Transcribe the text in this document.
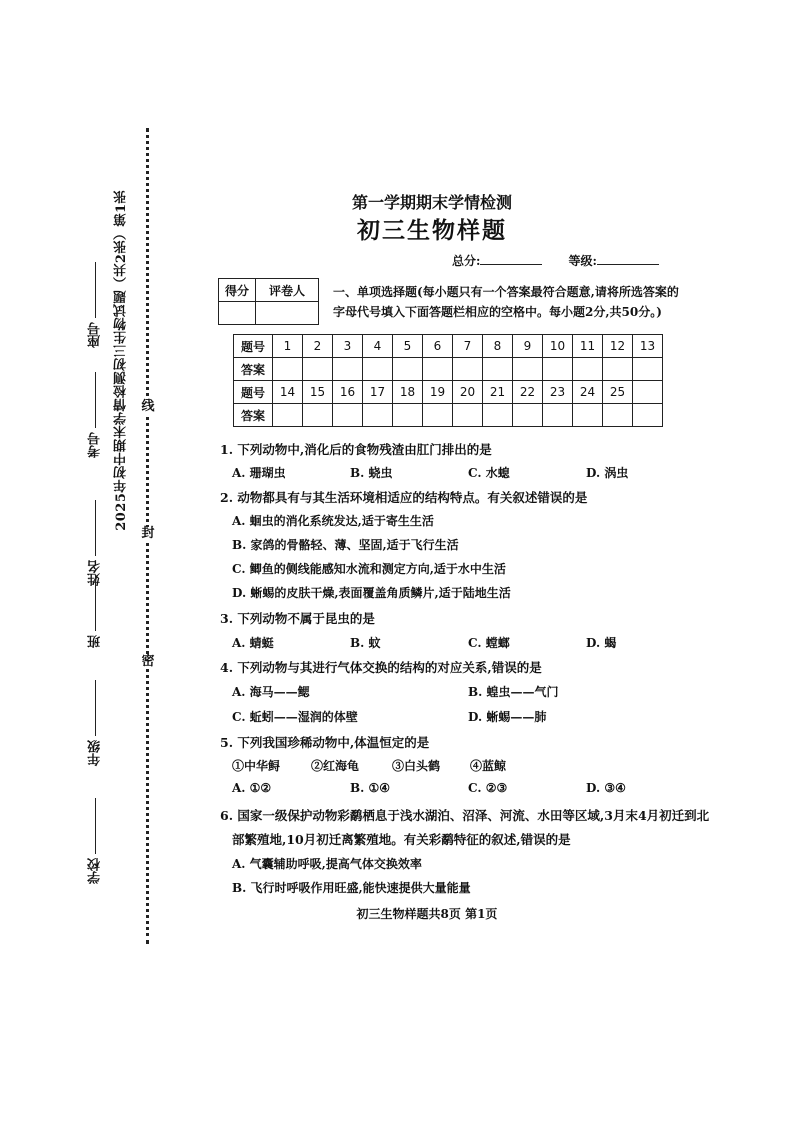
线
封
密
2025年初中期末学情检测初三生物试题（共2张）第1张
座号
考号
姓名
班
年级
学校
第一学期期末学情检测
初三生物样题
总分:	等级:
得分	评卷人
	一、单项选择题(每小题只有一个答案最符合题意,请将所选答案的
字母代号填入下面答题栏相应的空格中。每小题2分,共50分。)
题号	1	2	3	4	5	6	7	8	9	10	11	12	13
答案													
题号	14	15	16	17	18	19	20	21	22	23	24	25	
答案													
1. 下列动物中,消化后的食物残渣由肛门排出的是
A. 珊瑚虫	B. 蛲虫	C. 水螅	D. 涡虫
2. 动物都具有与其生活环境相适应的结构特点。有关叙述错误的是
A. 蛔虫的消化系统发达,适于寄生生活
B. 家鸽的骨骼轻、薄、坚固,适于飞行生活
C. 鲫鱼的侧线能感知水流和测定方向,适于水中生活
D. 蜥蜴的皮肤干燥,表面覆盖角质鳞片,适于陆地生活
3. 下列动物不属于昆虫的是
A. 蜻蜓	B. 蚊	C. 螳螂	D. 蝎
4. 下列动物与其进行气体交换的结构的对应关系,错误的是
A. 海马——鳃	B. 蝗虫——气门
C. 蚯蚓——湿润的体壁	D. 蜥蜴——肺
5. 下列我国珍稀动物中,体温恒定的是
①中华鲟	②红海龟	③白头鹤 ④蓝鲸
A. ①②	B. ①④	C. ②③	D. ③④
6. 国家一级保护动物彩鹬栖息于浅水湖泊、沼泽、河流、水田等区域,3月末4月初迁到北
部繁殖地,10月初迁离繁殖地。有关彩鹬特征的叙述,错误的是
A. 气囊辅助呼吸,提高气体交换效率
B. 飞行时呼吸作用旺盛,能快速提供大量能量
初三生物样题共8页 第1页
